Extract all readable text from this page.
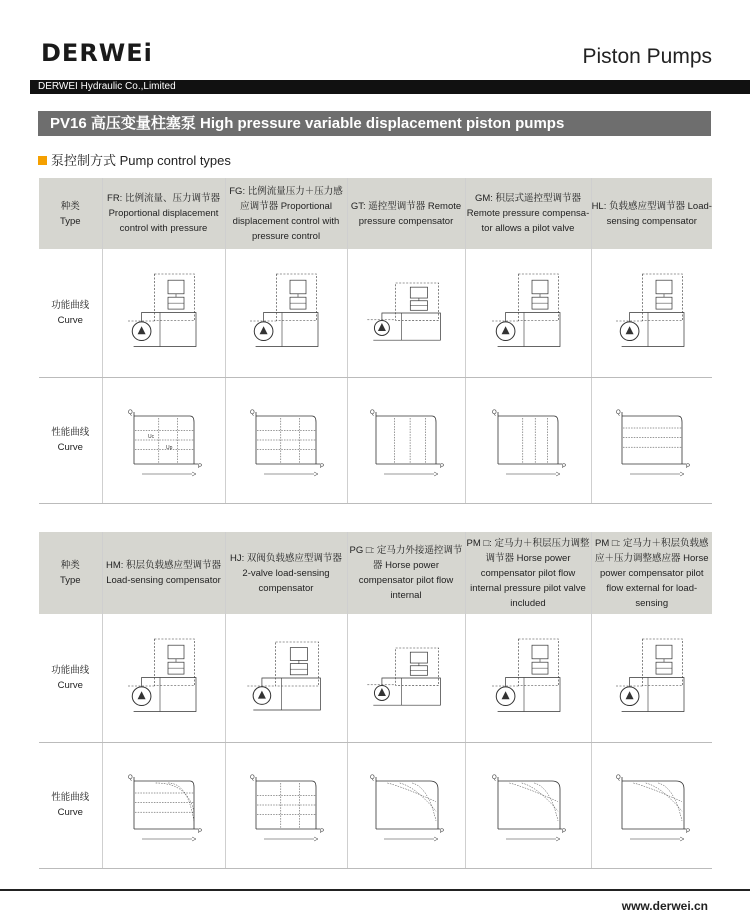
DERWEi	Piston Pumps
DERWEI Hydraulic Co.,Limited
PV16 高压变量柱塞泵 High pressure variable displacement piston pumps
泵控制方式 Pump control types
种类
Type	FR: 比例流量、压力调节器 Proportional displacement control with pressure	FG: 比例流量压力＋压力感应调节器 Proportional displacement control with pressure control	GT: 遥控型调节器 Remote pressure compensator	GM: 积层式遥控型调节器 Remote pressure compensa-tor allows a pilot valve	HL: 负载感应型调节器 Load-sensing compensator

功能曲线
Curve

性能曲线
Curve	Q
P
Uc
Up	Q
P	Q
P	Q
P	Q
P
种类
Type	HM: 积层负载感应型调节器 Load-sensing compensator	HJ: 双阀负载感应型调节器 2-valve load-sensing compensator	PG □: 定马力外接遥控调节器 Horse power compensator pilot flow internal	PM □: 定马力＋积层压力调整调节器 Horse power compensator pilot flow internal pressure pilot valve included	PM □: 定马力＋积层负载感应＋压力调整感应器 Horse power compensator pilot flow external for load-sensing

功能曲线
Curve

性能曲线
Curve	Q
P	Q
P	Q
P	Q
P	Q
P
www.derwei.cn
